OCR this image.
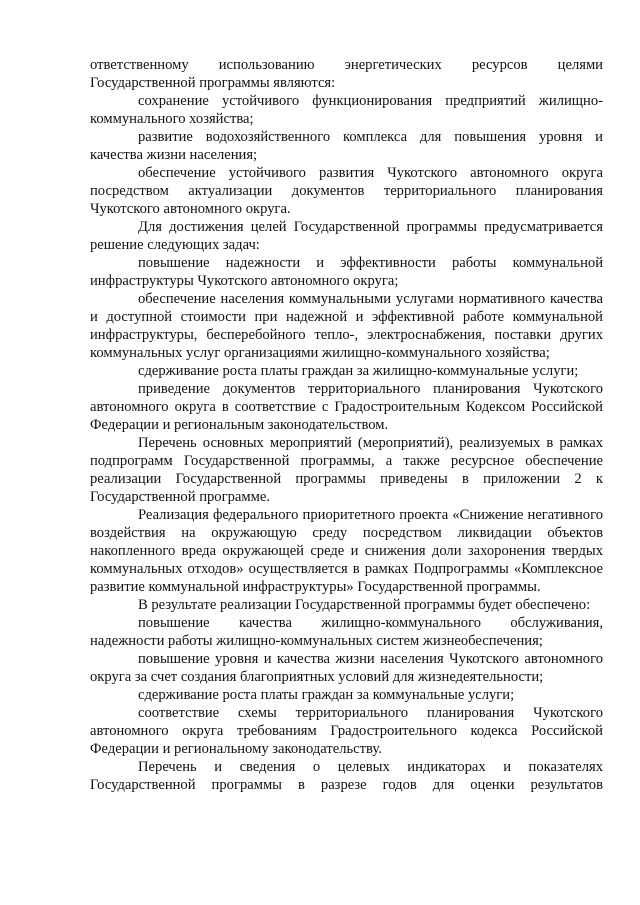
ответственному использованию энергетических ресурсов целями Государственной программы являются:

сохранение устойчивого функционирования предприятий жилищно-коммунального хозяйства;

развитие водохозяйственного комплекса для повышения уровня и качества жизни населения;

обеспечение устойчивого развития Чукотского автономного округа посредством актуализации документов территориального планирования Чукотского автономного округа.

Для достижения целей Государственной программы предусматривается решение следующих задач:

повышение надежности и эффективности работы коммунальной инфраструктуры Чукотского автономного округа;

обеспечение населения коммунальными услугами нормативного качества и доступной стоимости при надежной и эффективной работе коммунальной инфраструктуры, бесперебойного тепло-, электроснабжения, поставки других коммунальных услуг организациями жилищно-коммунального хозяйства;

сдерживание роста платы граждан за жилищно-коммунальные услуги;

приведение документов территориального планирования Чукотского автономного округа в соответствие с Градостроительным Кодексом Российской Федерации и региональным законодательством.

Перечень основных мероприятий (мероприятий), реализуемых в рамках подпрограмм Государственной программы, а также ресурсное обеспечение реализации Государственной программы приведены в приложении 2 к Государственной программе.

Реализация федерального приоритетного проекта «Снижение негативного воздействия на окружающую среду посредством ликвидации объектов накопленного вреда окружающей среде и снижения доли захоронения твердых коммунальных отходов» осуществляется в рамках Подпрограммы «Комплексное развитие коммунальной инфраструктуры» Государственной программы.

В результате реализации Государственной программы будет обеспечено:

повышение качества жилищно-коммунального обслуживания, надежности работы жилищно-коммунальных систем жизнеобеспечения;

повышение уровня и качества жизни населения Чукотского автономного округа за счет создания благоприятных условий для жизнедеятельности;

сдерживание роста платы граждан за коммунальные услуги;

соответствие схемы территориального планирования Чукотского автономного округа требованиям Градостроительного кодекса Российской Федерации и региональному законодательству.

Перечень и сведения о целевых индикаторах и показателях Государственной программы в разрезе годов для оценки результатов
